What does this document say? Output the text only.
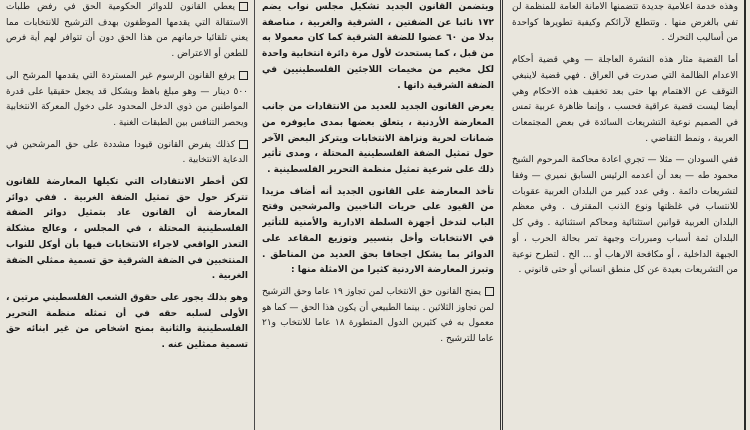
يعطي القانون للدوائر الحكومية الحق في رفض طلبات الاستقالة التي يقدمها الموظفون بهدف الترشيح للانتخابات مما يعني تلقائيا حرمانهم من هذا الحق دون أن تتوافر لهم أية فرص للطعن أو الاعتراض .

يرفع القانون الرسوم غير المستردة التي يقدمها المرشح الى ٥٠٠ دينار — وهو مبلغ باهظ وبشكل قد يجعل حقيقيا على قدرة المواطنين من ذوي الدخل المحدود على دخول المعركة الانتخابية ويحصر التنافس بين الطبقات الغنية .

كذلك يفرض القانون قيودا مشددة على حق المرشحين في الدعاية الانتخابية .

لكن أخطر الانتقادات التي تكيلها المعارضة للقانون تتركز حول حق تمثيل الضفة الغربية . ففي دوائر المعارضة أن القانون عاد بتمثيل دوائر الضفة الفلسطينية المحتلة ، في المجلس ، وعالج مشكلة التعذر الواقعي لاجراء الانتخابات فيها بأن أوكل للنواب المنتخبين في الضفة الشرقية حق تسمية ممثلي الضفة الغربية .

وهو بذلك يجور على حقوق الشعب الفلسطيني مرتين ، الأولى لسلبه حقه في أن تمثله منظمة التحرير الفلسطينية والثانية بمنح اشخاص من غير ابنائه حق تسمية ممثلين عنه .

ويتضمن القانون الجديد تشكيل مجلس نواب يضم ١٧٢ نائبا عن الضفتين ، الشرقية والغربية ، مناصفة بدلا من ٦٠ عضوا للضفة الشرقية كما كان معمولا به من قبل ، كما يستحدث لأول مرة دائرة انتخابية واحدة لكل مخيم من مخيمات اللاجئين الفلسطينيين في الضفة الشرقية ذاتها .

يعرض القانون الجديد للعديد من الانتقادات من جانب المعارضة الأردنية ، يتعلق بعضها بمدى مايوفره من ضمانات لحرية ونزاهة الانتخابات ويتركز البعض الآخر حول تمثيل الضفة الفلسطينية المحتلة ، ومدى تأثير ذلك على شرعية تمثيل منظمة التحرير الفلسطينية .

تأخذ المعارضة على القانون الجديد أنه أضاف مزيدا من القيود على حريات الناخبين والمرشحين وفتح الباب لتدخل أجهزة السلطة الادارية والأمنية للتأثير في الانتخابات وأخل بتسيير وتوزيع المقاعد على الدوائر بما يشكل اجحافا بحق العديد من المناطق . وتبرز المعارضة الاردنية كثيرا من الامثلة منها :

يمنح القانون حق الانتخاب لمن تجاوز ١٩ عاما وحق الترشيح لمن تجاوز الثلاثين . بينما الطبيعي أن يكون هذا الحق — كما هو معمول به في كثيرين الدول المتطورة ١٨ عاما للانتخاب و٢١ عاما للترشيح .

وهذه خدمة اعلامية جديدة تتضمنها الامانة العامة للمنظمة لن تفي بالغرض منها . وتتطلع لآرائكم وكيفية تطويرها كواحدة من أساليب التحرك .

أما القضية مثار هذه النشرة العاجلة — وهي قضية أحكام الاعدام الظالمة التي صدرت في العراق . فهي قضية لاينبغي التوقف عن الاهتمام بها حتى بعد تخفيف هذه الاحكام وهي أيضا ليست قضية عراقية فحسب ، وإنما ظاهرة عربية تمس في الصميم نوعية التشريعات السائدة في بعض المجتمعات العربية ، ونمط التقاضي .

ففي السودان — مثلا — تجري اعادة محاكمة المرحوم الشيخ محمود طه — بعد أن أعدمه الرئيس السابق نميري — وفقا لتشريعات دائمة . وفي عدد كبير من البلدان العربية عقوبات للانتساب في غلظتها ونوع الذنب المقترف . وفي معظم البلدان العربية قوانين استثنائية ومحاكم استثنائية . وفي كل البلدان ثمة أسباب ومبررات وجيهة تمر بحالة الحرب ، أو الجبهة الداخلية ، أو مكافحة الارهاب أو ... الخ . لتطرح نوعية من التشريعات بعيدة عن كل منطق انساني أو حتى قانوني .
